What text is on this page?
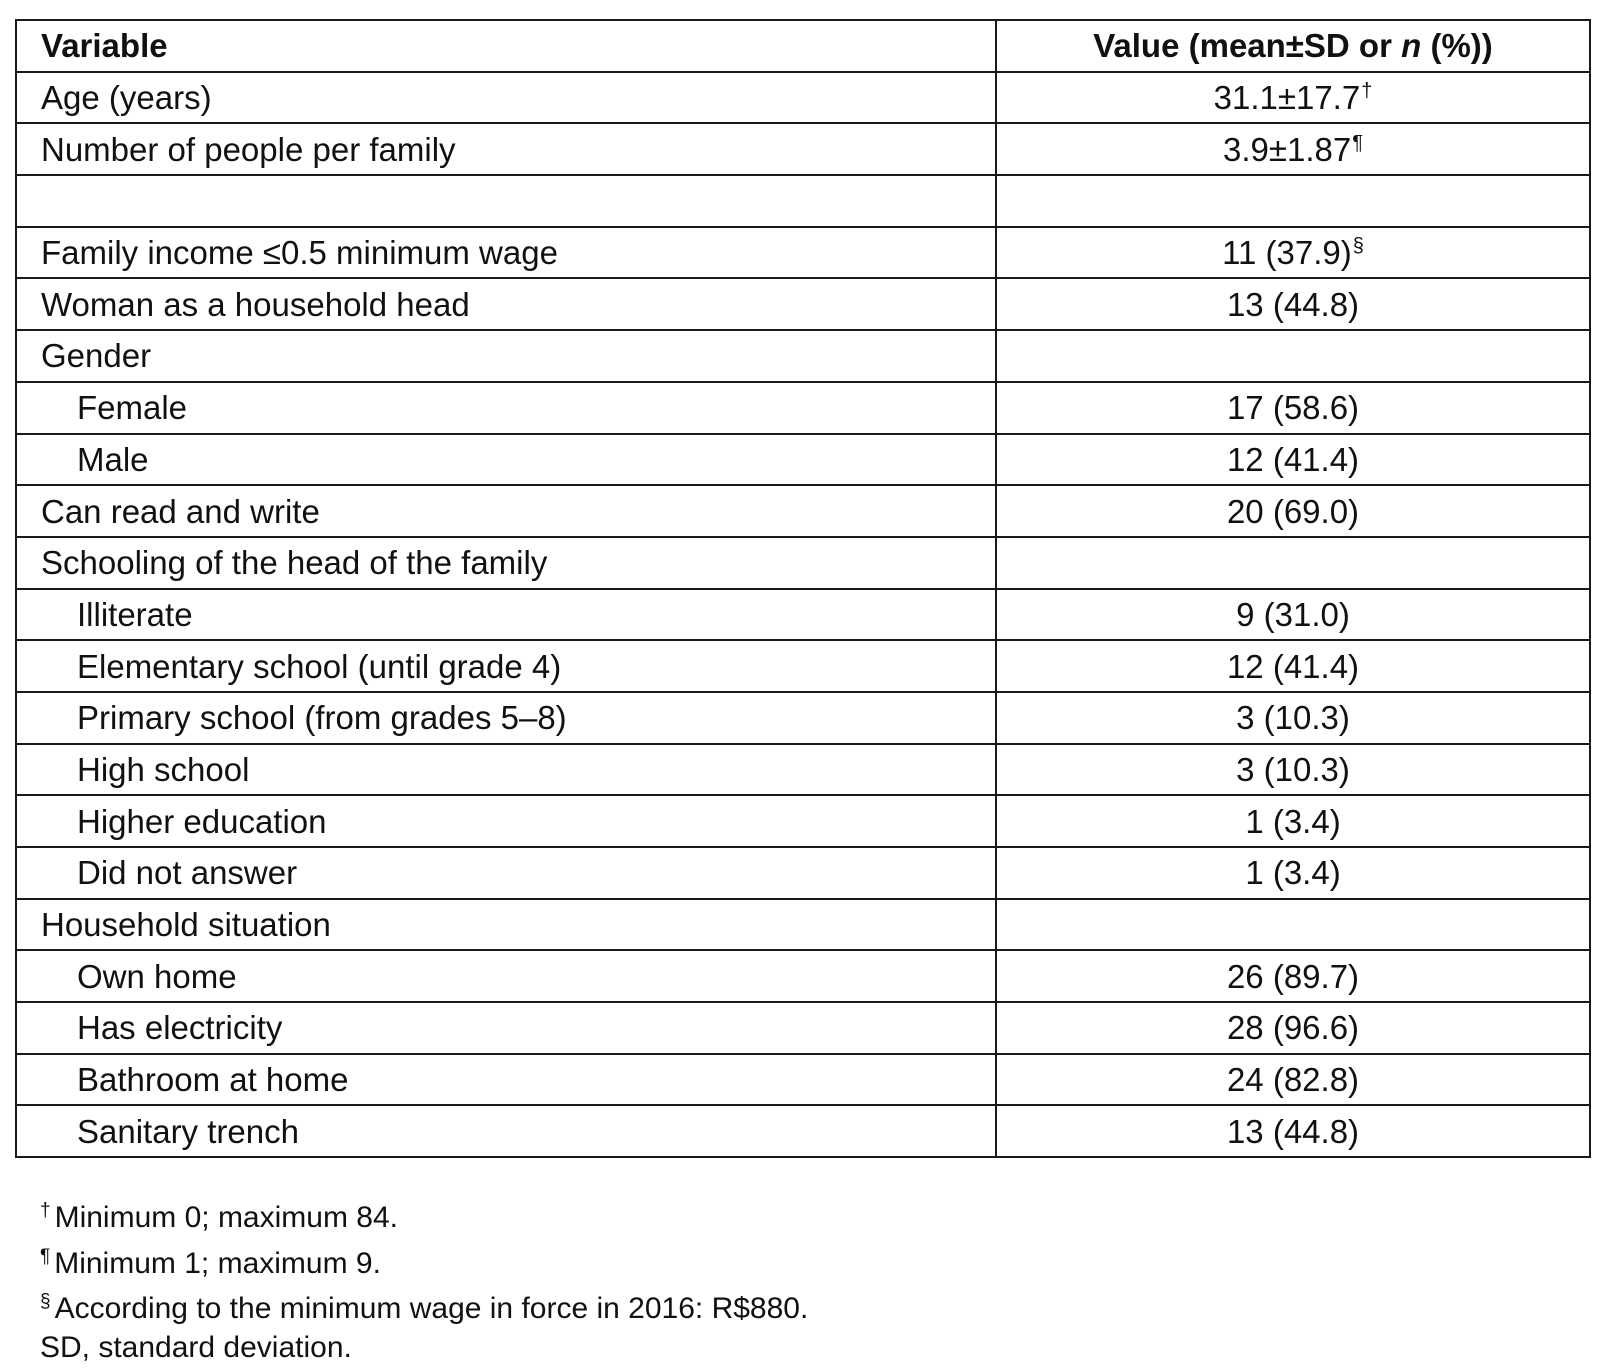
Variable	Value (mean±SD or n (%))
Age (years)	31.1±17.7†
Number of people per family	3.9±1.87¶

Family income ≤0.5 minimum wage	11 (37.9)§
Woman as a household head	13 (44.8)
Gender	
Female	17 (58.6)
Male	12 (41.4)
Can read and write	20 (69.0)
Schooling of the head of the family	
Illiterate	9 (31.0)
Elementary school (until grade 4)	12 (41.4)
Primary school (from grades 5–8)	3 (10.3)
High school	3 (10.3)
Higher education	1 (3.4)
Did not answer	1 (3.4)
Household situation	
Own home	26 (89.7)
Has electricity	28 (96.6)
Bathroom at home	24 (82.8)
Sanitary trench	13 (44.8)
† Minimum 0; maximum 84.
¶ Minimum 1; maximum 9.
§ According to the minimum wage in force in 2016: R$880.
SD, standard deviation.
